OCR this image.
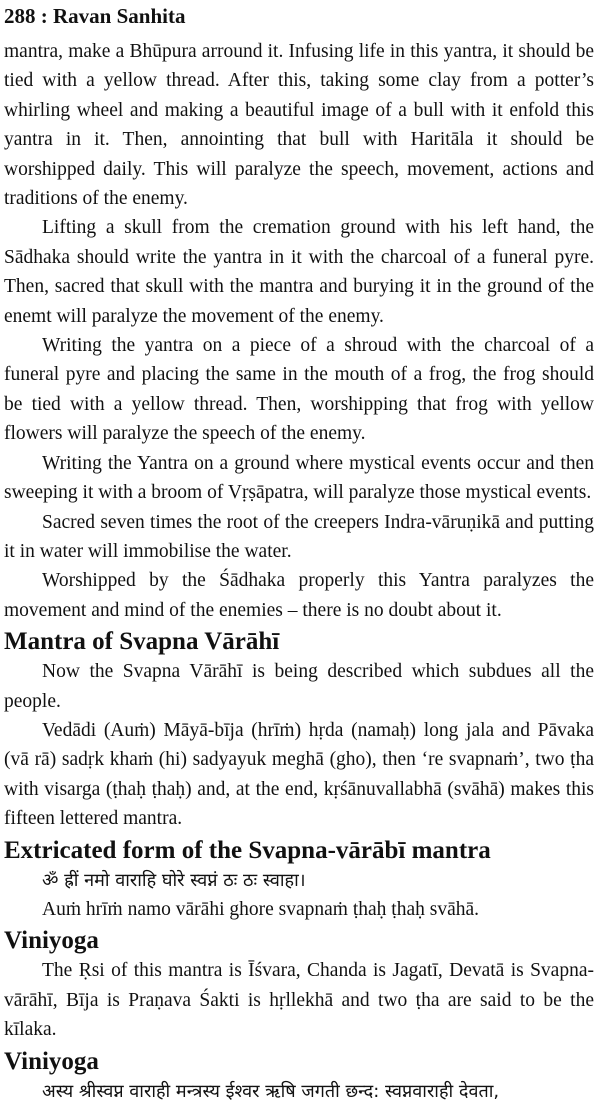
288 : Ravan Sanhita

mantra, make a Bhūpura arround it. Infusing life in this yantra, it should be tied with a yellow thread. After this, taking some clay from a potter’s whirling wheel and making a beautiful image of a bull with it enfold this yantra in it. Then, annointing that bull with Haritāla it should be worshipped daily. This will paralyze the speech, movement, actions and traditions of the enemy.

Lifting a skull from the cremation ground with his left hand, the Sādhaka should write the yantra in it with the charcoal of a funeral pyre. Then, sacred that skull with the mantra and burying it in the ground of the enemt will paralyze the movement of the enemy.

Writing the yantra on a piece of a shroud with the charcoal of a funeral pyre and placing the same in the mouth of a frog, the frog should be tied with a yellow thread. Then, worshipping that frog with yellow flowers will paralyze the speech of the enemy.

Writing the Yantra on a ground where mystical events occur and then sweeping it with a broom of Vṛṣāpatra, will paralyze those mystical events.

Sacred seven times the root of the creepers Indra-vāruṇikā and putting it in water will immobilise the water.

Worshipped by the Śādhaka properly this Yantra paralyzes the movement and mind of the enemies – there is no doubt about it.

Mantra of Svapna Vārāhī

Now the Svapna Vārāhī is being described which subdues all the people.

Vedādi (Auṁ) Māyā-bīja (hrīṁ) hṛda (namaḥ) long jala and Pāvaka (vā rā) sadṛk khaṁ (hi) sadyayuk meghā (gho), then ‘re svapnaṁ’, two ṭha with visarga (ṭhaḥ ṭhaḥ) and, at the end, kṛśānuvallabhā (svāhā) makes this fifteen lettered mantra.

Extricated form of the Svapna-vārābī mantra

ॐ ह्रीं नमो वाराहि घोरे स्वप्नं ठः ठः स्वाहा।

Auṁ hrīṁ namo vārāhi ghore svapnaṁ ṭhaḥ ṭhaḥ svāhā.

Viniyoga

The Ṛsi of this mantra is Īśvara, Chanda is Jagatī, Devatā is Svapna-vārāhī, Bīja is Praṇava Śakti is hṛllekhā and two ṭha are said to be the kīlaka.

Viniyoga

अस्य श्रीस्वप्न वाराही मन्त्रस्य ईश्वर ऋषि जगती छन्द: स्वप्नवाराही देवता,
